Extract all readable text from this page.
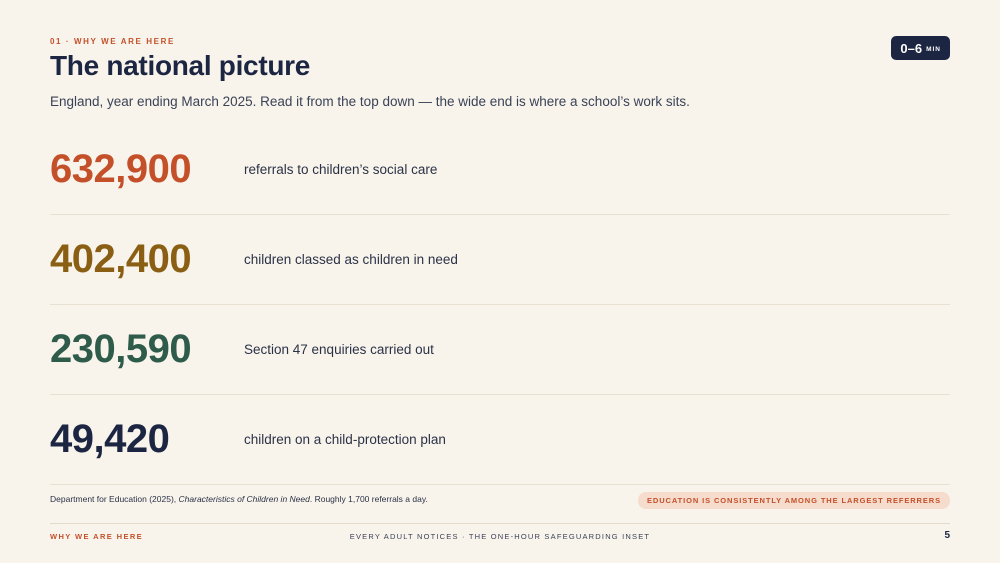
01 · WHY WE ARE HERE
The national picture
England, year ending March 2025. Read it from the top down — the wide end is where a school’s work sits.
0–6 MIN
632,900	referrals to children’s social care
402,400	children classed as children in need
230,590	Section 47 enquiries carried out
49,420	children on a child-protection plan
Department for Education (2025), Characteristics of Children in Need. Roughly 1,700 referrals a day.	EDUCATION IS CONSISTENTLY AMONG THE LARGEST REFERRERS
WHY WE ARE HERE	EVERY ADULT NOTICES · THE ONE-HOUR SAFEGUARDING INSET	5
